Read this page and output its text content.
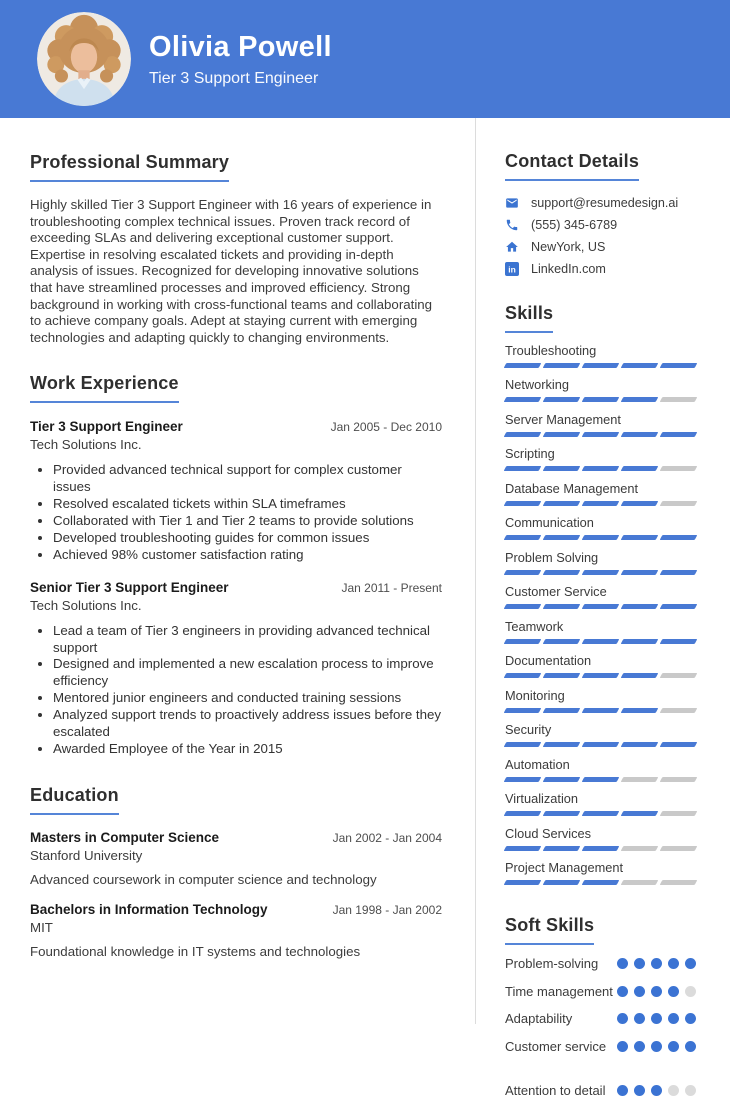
Olivia Powell
Tier 3 Support Engineer
Professional Summary

Highly skilled Tier 3 Support Engineer with 16 years of experience in troubleshooting complex technical issues. Proven track record of exceeding SLAs and delivering exceptional customer support. Expertise in resolving escalated tickets and providing in-depth analysis of issues. Recognized for developing innovative solutions that have streamlined processes and improved efficiency. Strong background in working with cross-functional teams and collaborating to achieve company goals. Adept at staying current with emerging technologies and adapting quickly to changing environments.

Work Experience
Tier 3 Support Engineer	Jan 2005 - Dec 2010
Tech Solutions Inc.
• Provided advanced technical support for complex customer issues
• Resolved escalated tickets within SLA timeframes
• Collaborated with Tier 1 and Tier 2 teams to provide solutions
• Developed troubleshooting guides for common issues
• Achieved 98% customer satisfaction rating
Senior Tier 3 Support Engineer	Jan 2011 - Present
Tech Solutions Inc.
• Lead a team of Tier 3 engineers in providing advanced technical support
• Designed and implemented a new escalation process to improve efficiency
• Mentored junior engineers and conducted training sessions
• Analyzed support trends to proactively address issues before they escalated
• Awarded Employee of the Year in 2015
Education
Masters in Computer Science	Jan 2002 - Jan 2004
Stanford University
Advanced coursework in computer science and technology
Bachelors in Information Technology	Jan 1998 - Jan 2002
MIT
Foundational knowledge in IT systems and technologies
Contact Details
support@resumedesign.ai
(555) 345-6789
NewYork, US
in LinkedIn.com
Skills
Troubleshooting
Networking
Server Management
Scripting
Database Management
Communication
Problem Solving
Customer Service
Teamwork
Documentation
Monitoring
Security
Automation
Virtualization
Cloud Services
Project Management
Soft Skills
Problem-solving
Time management
Adaptability
Customer service
Attention to detail
